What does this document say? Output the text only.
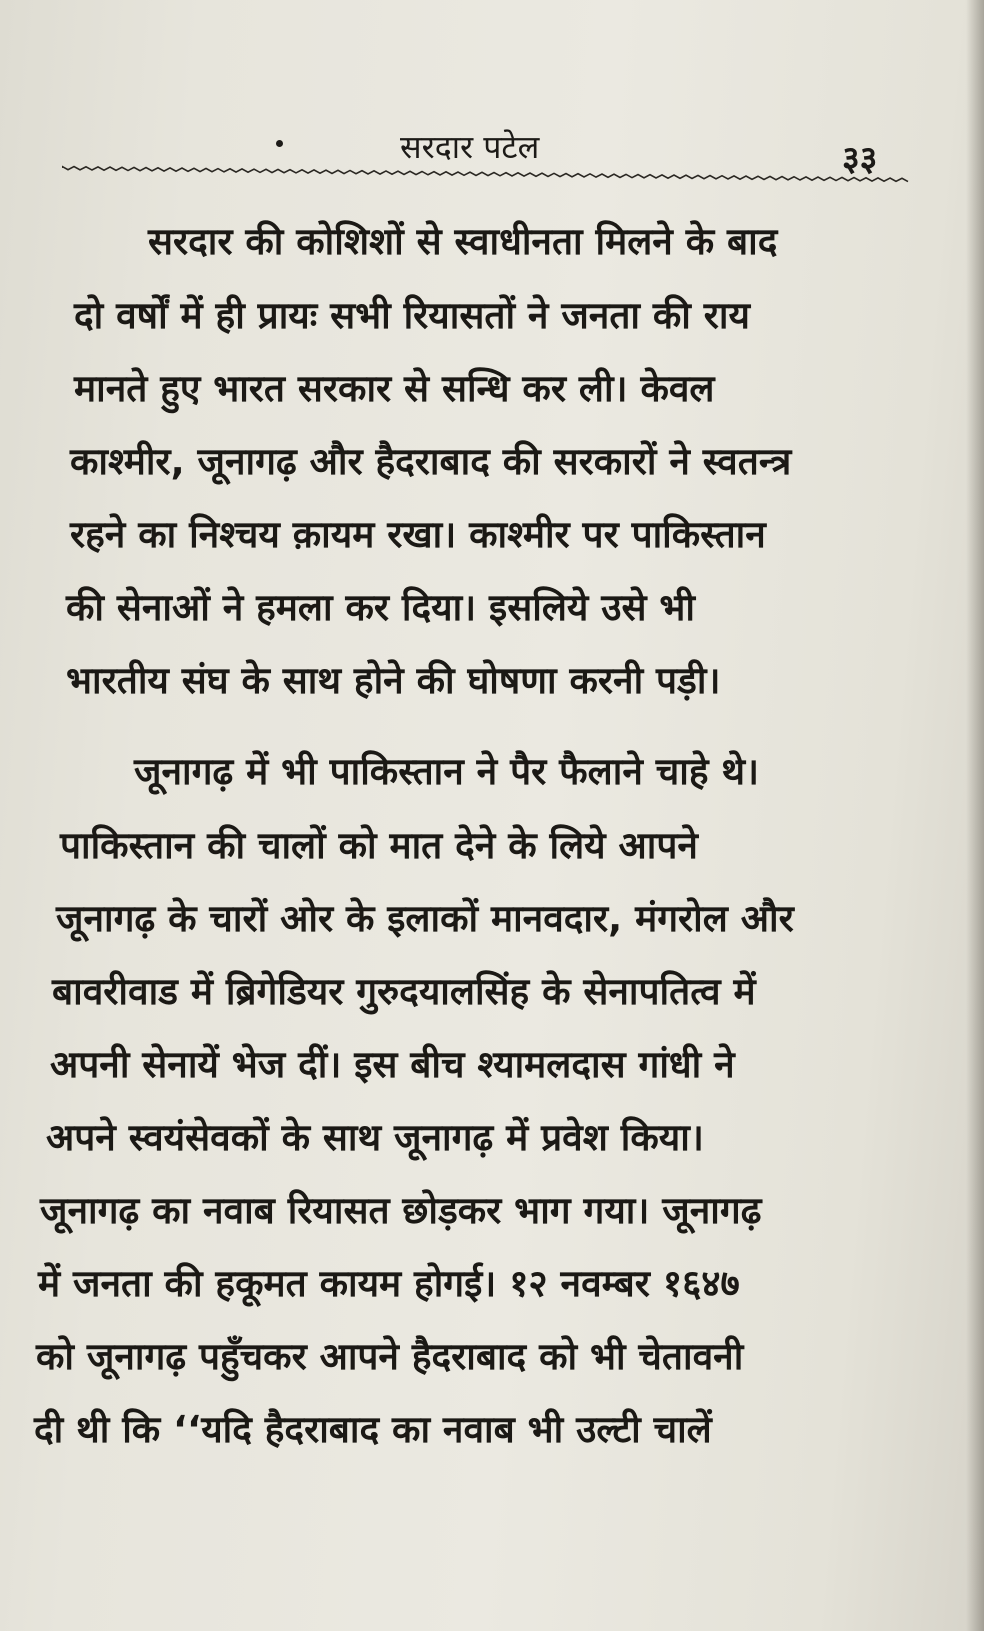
सरदार पटेल	३३
सरदार की कोशिशों से स्वाधीनता मिलने के बाद
दो वर्षों में ही प्रायः सभी रियासतों ने जनता की राय
मानते हुए भारत सरकार से सन्धि कर ली। केवल
काश्मीर, जूनागढ़ और हैदराबाद की सरकारों ने स्वतन्त्र
रहने का निश्चय क़ायम रखा। काश्मीर पर पाकिस्तान
की सेनाओं ने हमला कर दिया। इसलिये उसे भी
भारतीय संघ के साथ होने की घोषणा करनी पड़ी।
जूनागढ़ में भी पाकिस्तान ने पैर फैलाने चाहे थे।
पाकिस्तान की चालों को मात देने के लिये आपने
जूनागढ़ के चारों ओर के इलाकों मानवदार, मंगरोल और
बावरीवाड में ब्रिगेडियर गुरुदयालसिंह के सेनापतित्व में
अपनी सेनायें भेज दीं। इस बीच श्यामलदास गांधी ने
अपने स्वयंसेवकों के साथ जूनागढ़ में प्रवेश किया।
जूनागढ़ का नवाब रियासत छोड़कर भाग गया। जूनागढ़
में जनता की हकूमत कायम होगई। १२ नवम्बर १६४७
को जूनागढ़ पहुँचकर आपने हैदराबाद को भी चेतावनी
दी थी कि ‘‘यदि हैदराबाद का नवाब भी उल्टी चालें
